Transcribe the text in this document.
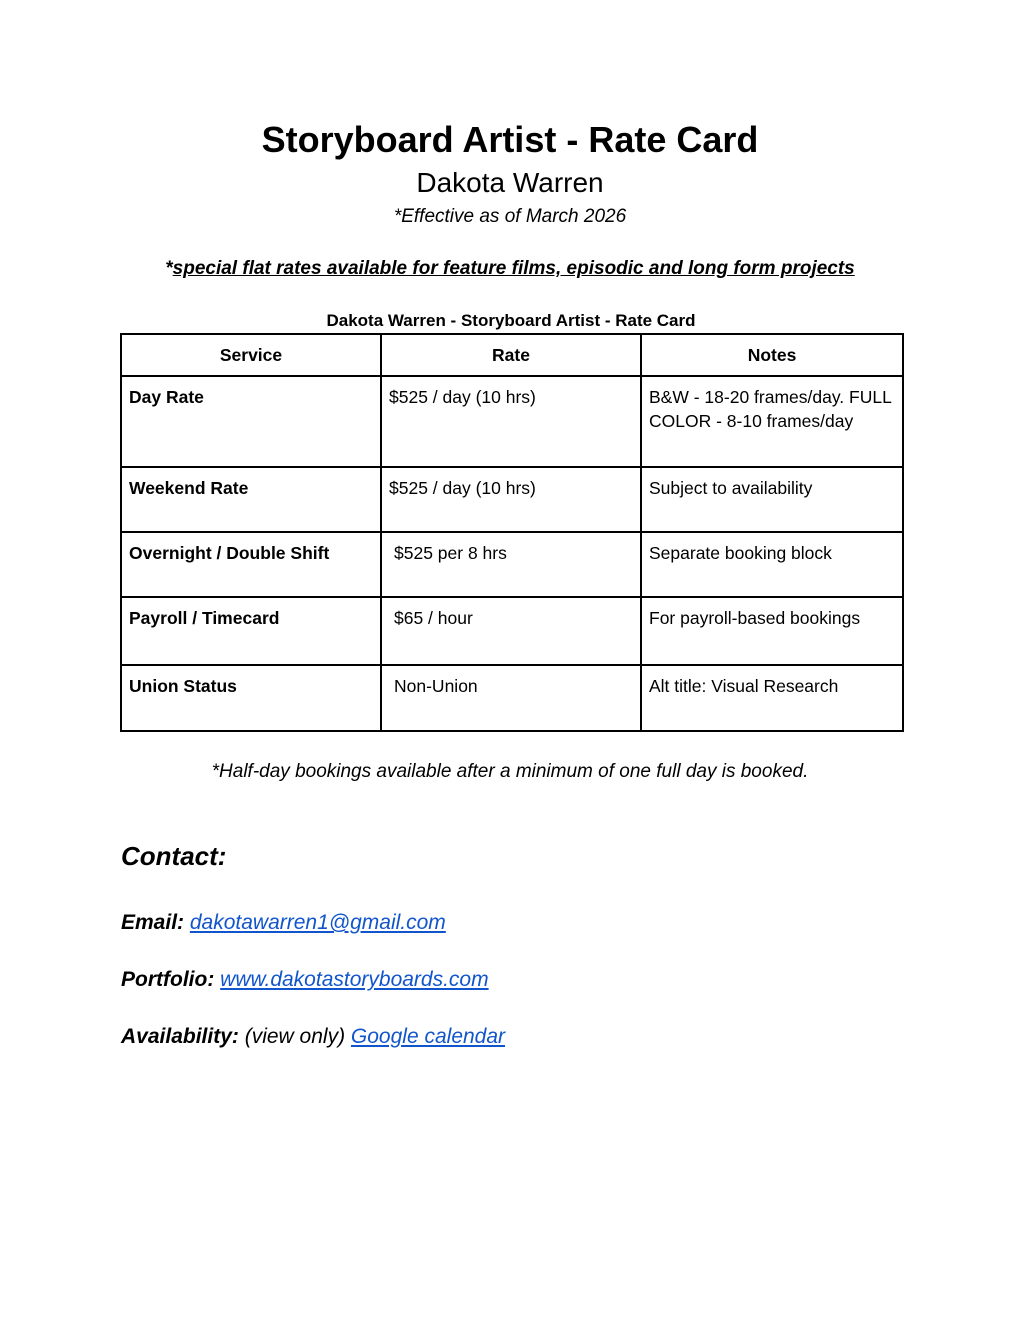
Storyboard Artist - Rate Card
Dakota Warren
*Effective as of March 2026
*special flat rates available for feature films, episodic and long form projects
Dakota Warren - Storyboard Artist - Rate Card
Service	Rate	Notes
Day Rate	$525 / day (10 hrs)	B&W - 18-20 frames/day. FULL COLOR - 8-10 frames/day
Weekend Rate	$525 / day (10 hrs)	Subject to availability
Overnight / Double Shift	$525 per 8 hrs	Separate booking block
Payroll / Timecard	$65 / hour	For payroll-based bookings
Union Status	Non-Union	Alt title: Visual Research
*Half-day bookings available after a minimum of one full day is booked.
Contact:
Email: dakotawarren1@gmail.com
Portfolio: www.dakotastoryboards.com
Availability: (view only) Google calendar
